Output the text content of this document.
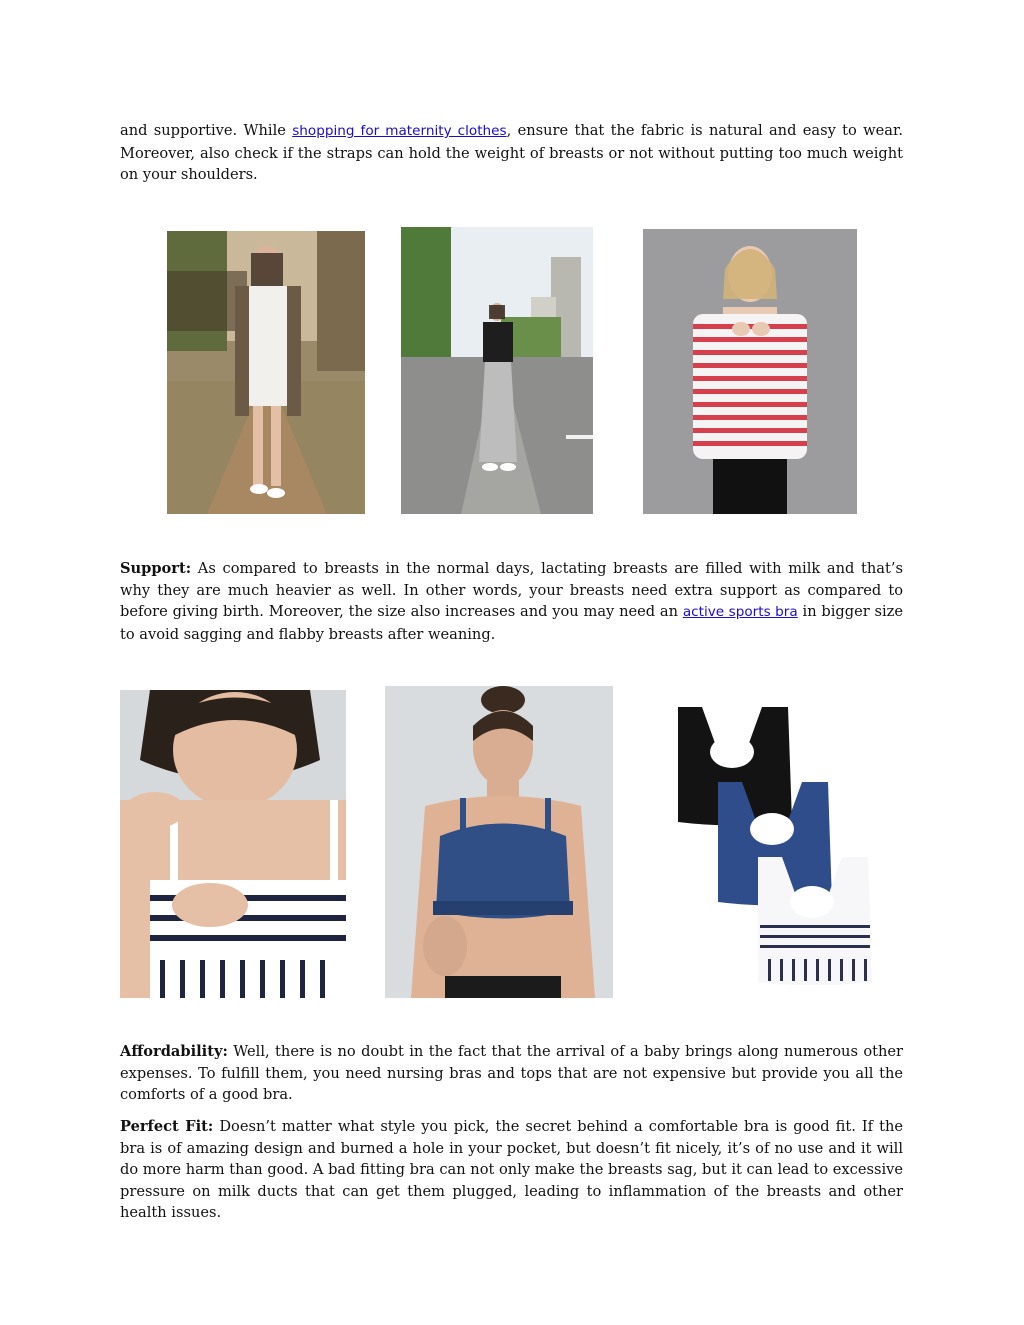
and supportive. While shopping for maternity clothes, ensure that the fabric is natural and easy to wear. Moreover, also check if the straps can hold the weight of breasts or not without putting too much weight on your shoulders.

Support: As compared to breasts in the normal days, lactating breasts are filled with milk and that’s why they are much heavier as well. In other words, your breasts need extra support as compared to before giving birth. Moreover, the size also increases and you may need an active sports bra in bigger size to avoid sagging and flabby breasts after weaning.

Affordability: Well, there is no doubt in the fact that the arrival of a baby brings along numerous other expenses. To fulfill them, you need nursing bras and tops that are not expensive but provide you all the comforts of a good bra.

Perfect Fit: Doesn’t matter what style you pick, the secret behind a comfortable bra is good fit. If the bra is of amazing design and burned a hole in your pocket, but doesn’t fit nicely, it’s of no use and it will do more harm than good. A bad fitting bra can not only make the breasts sag, but it can lead to excessive pressure on milk ducts that can get them plugged, leading to inflammation of the breasts and other health issues.
